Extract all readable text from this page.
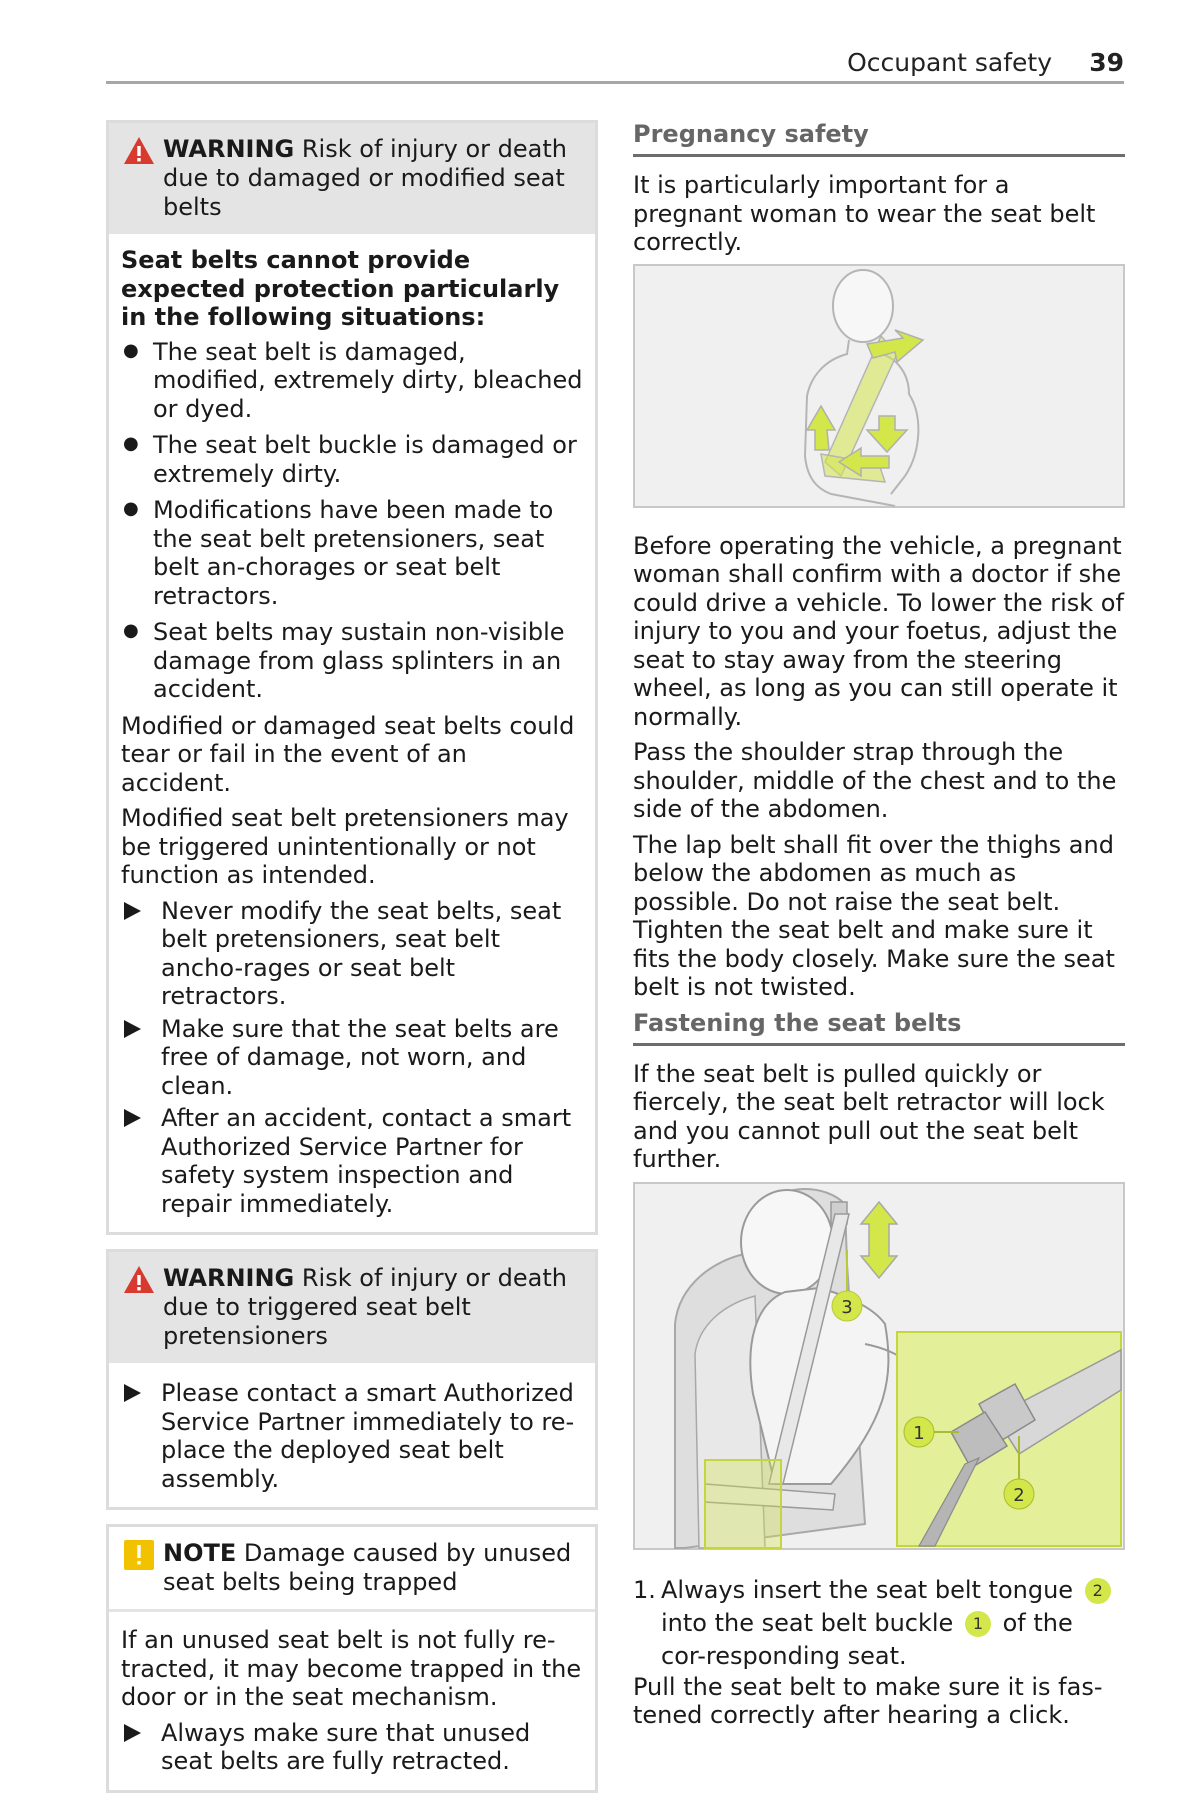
Occupant safety 39
WARNING Risk of injury or death due to damaged or modified seat belts
Seat belts cannot provide expected protection particularly in the following situations:
● The seat belt is damaged, modified, extremely dirty, bleached or dyed.
● The seat belt buckle is damaged or extremely dirty.
● Modifications have been made to the seat belt pretensioners, seat belt an-chorages or seat belt retractors.
● Seat belts may sustain non-visible damage from glass splinters in an accident.
Modified or damaged seat belts could tear or fail in the event of an accident.
Modified seat belt pretensioners may be triggered unintentionally or not function as intended.
Never modify the seat belts, seat belt pretensioners, seat belt ancho-rages or seat belt retractors.
Make sure that the seat belts are free of damage, not worn, and clean.
After an accident, contact a smart Authorized Service Partner for safety system inspection and repair immediately.
WARNING Risk of injury or death due to triggered seat belt pretensioners
Please contact a smart Authorized Service Partner immediately to re-place the deployed seat belt assembly.
NOTE Damage caused by unused seat belts being trapped
If an unused seat belt is not fully re-tracted, it may become trapped in the door or in the seat mechanism.
Always make sure that unused seat belts are fully retracted.
Pregnancy safety
It is particularly important for a pregnant woman to wear the seat belt correctly.
Before operating the vehicle, a pregnant woman shall confirm with a doctor if she could drive a vehicle. To lower the risk of injury to you and your foetus, adjust the seat to stay away from the steering wheel, as long as you can still operate it normally.
Pass the shoulder strap through the shoulder, middle of the chest and to the side of the abdomen.
The lap belt shall fit over the thighs and below the abdomen as much as possible. Do not raise the seat belt. Tighten the seat belt and make sure it fits the body closely. Make sure the seat belt is not twisted.
Fastening the seat belts
If the seat belt is pulled quickly or fiercely, the seat belt retractor will lock and you cannot pull out the seat belt further.
3
1
2
1. Always insert the seat belt tongue 2 into the seat belt buckle 1 of the cor-responding seat.
Pull the seat belt to make sure it is fas-tened correctly after hearing a click.
